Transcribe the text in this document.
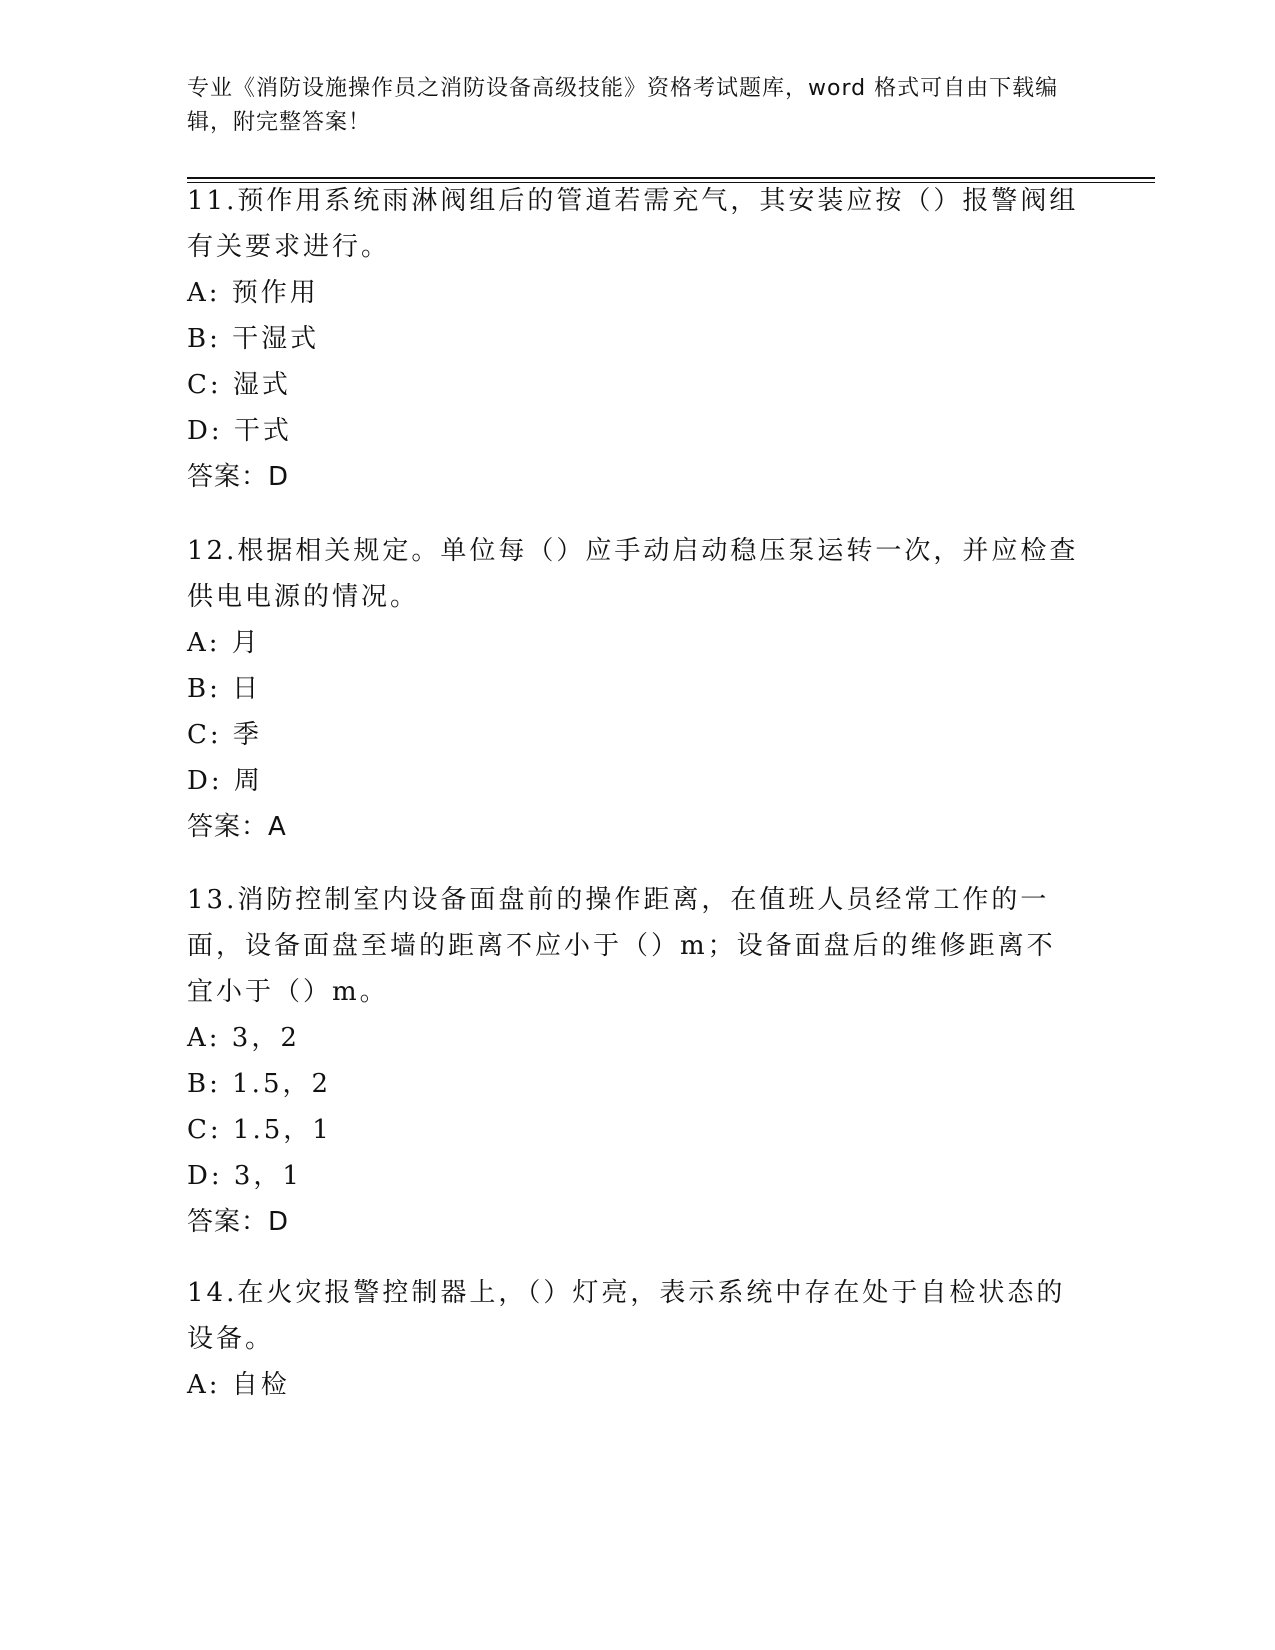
专业《消防设施操作员之消防设备高级技能》资格考试题库，word 格式可自由下载编辑，附完整答案！

11.预作用系统雨淋阀组后的管道若需充气，其安装应按（）报警阀组有关要求进行。

A: 预作用

B: 干湿式

C: 湿式

D: 干式

答案：D

12.根据相关规定。单位每（）应手动启动稳压泵运转一次，并应检查供电电源的情况。

A: 月

B: 日

C: 季

D: 周

答案：A

13.消防控制室内设备面盘前的操作距离，在值班人员经常工作的一面，设备面盘至墙的距离不应小于（）m；设备面盘后的维修距离不宜小于（）m。

A: 3，2

B: 1.5，2

C: 1.5，1

D: 3，1

答案：D

14.在火灾报警控制器上，（）灯亮，表示系统中存在处于自检状态的设备。

A: 自检
